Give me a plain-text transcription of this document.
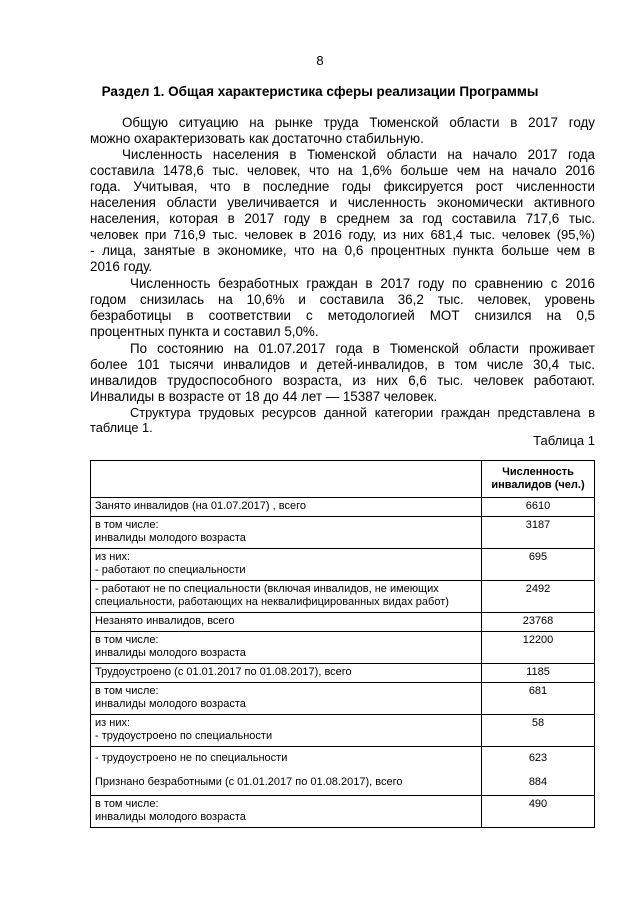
8
Раздел 1. Общая характеристика сферы реализации Программы
Общую ситуацию на рынке труда Тюменской области в 2017 году
можно охарактеризовать как достаточно стабильную.
Численность населения в Тюменской области на начало 2017 года
составила 1478,6 тыс. человек, что на 1,6% больше чем на начало 2016
года. Учитывая, что в последние годы фиксируется рост численности
населения области увеличивается и численность экономически активного
населения, которая в 2017 году в среднем за год составила 717,6 тыс.
человек при 716,9 тыс. человек в 2016 году, из них 681,4 тыс. человек (95,%)
- лица, занятые в экономике, что на 0,6 процентных пункта больше чем в
2016 году.
Численность безработных граждан в 2017 году по сравнению с 2016
годом снизилась на 10,6% и составила 36,2 тыс. человек, уровень
безработицы в соответствии с методологией МОТ снизился на 0,5
процентных пункта и составил 5,0%.
По состоянию на 01.07.2017 года в Тюменской области проживает
более 101 тысячи инвалидов и детей-инвалидов, в том числе 30,4 тыс.
инвалидов трудоспособного возраста, из них 6,6 тыс. человек работают.
Инвалиды в возрасте от 18 до 44 лет — 15387 человек.
Структура трудовых ресурсов данной категории граждан представлена в
таблице 1.
Таблица 1

	Численность
инвалидов (чел.)

Занято инвалидов (на 01.07.2017) , всего	6610

в том числе:
инвалиды молодого возраста	3187

из них:
- работают по специальности	695

- работают не по специальности (включая инвалидов, не имеющих
специальности, работающих на неквалифицированных видах работ)	2492

Незанято инвалидов, всего	23768

в том числе:
инвалиды молодого возраста	12200

Трудоустроено (с 01.01.2017 по 01.08.2017), всего	1185

в том числе:
инвалиды молодого возраста	681

из них:
- трудоустроено по специальности	58

- трудоустроено не по специальности	623

Признано безработными (с 01.01.2017 по 01.08.2017), всего	884

в том числе:
инвалиды молодого возраста	490
